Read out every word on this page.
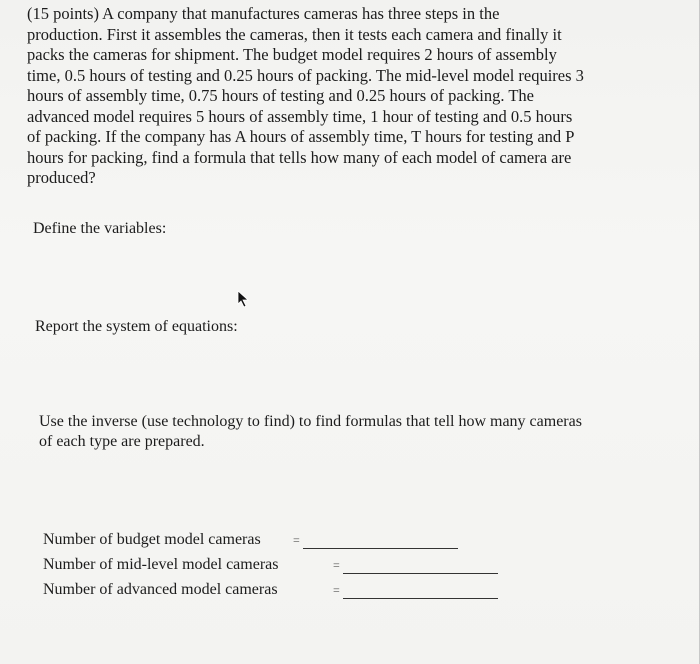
(15 points) A company that manufactures cameras has three steps in the
production. First it assembles the cameras, then it tests each camera and finally it
packs the cameras for shipment. The budget model requires 2 hours of assembly
time, 0.5 hours of testing and 0.25 hours of packing. The mid-level model requires 3
hours of assembly time, 0.75 hours of testing and 0.25 hours of packing. The
advanced model requires 5 hours of assembly time, 1 hour of testing and 0.5 hours
of packing. If the company has A hours of assembly time, T hours for testing and P
hours for packing, find a formula that tells how many of each model of camera are
produced?

Define the variables:

Report the system of equations:

Use the inverse (use technology to find) to find formulas that tell how many cameras
of each type are prepared.

Number of budget model cameras	=
Number of mid-level model cameras	=
Number of advanced model cameras	=
